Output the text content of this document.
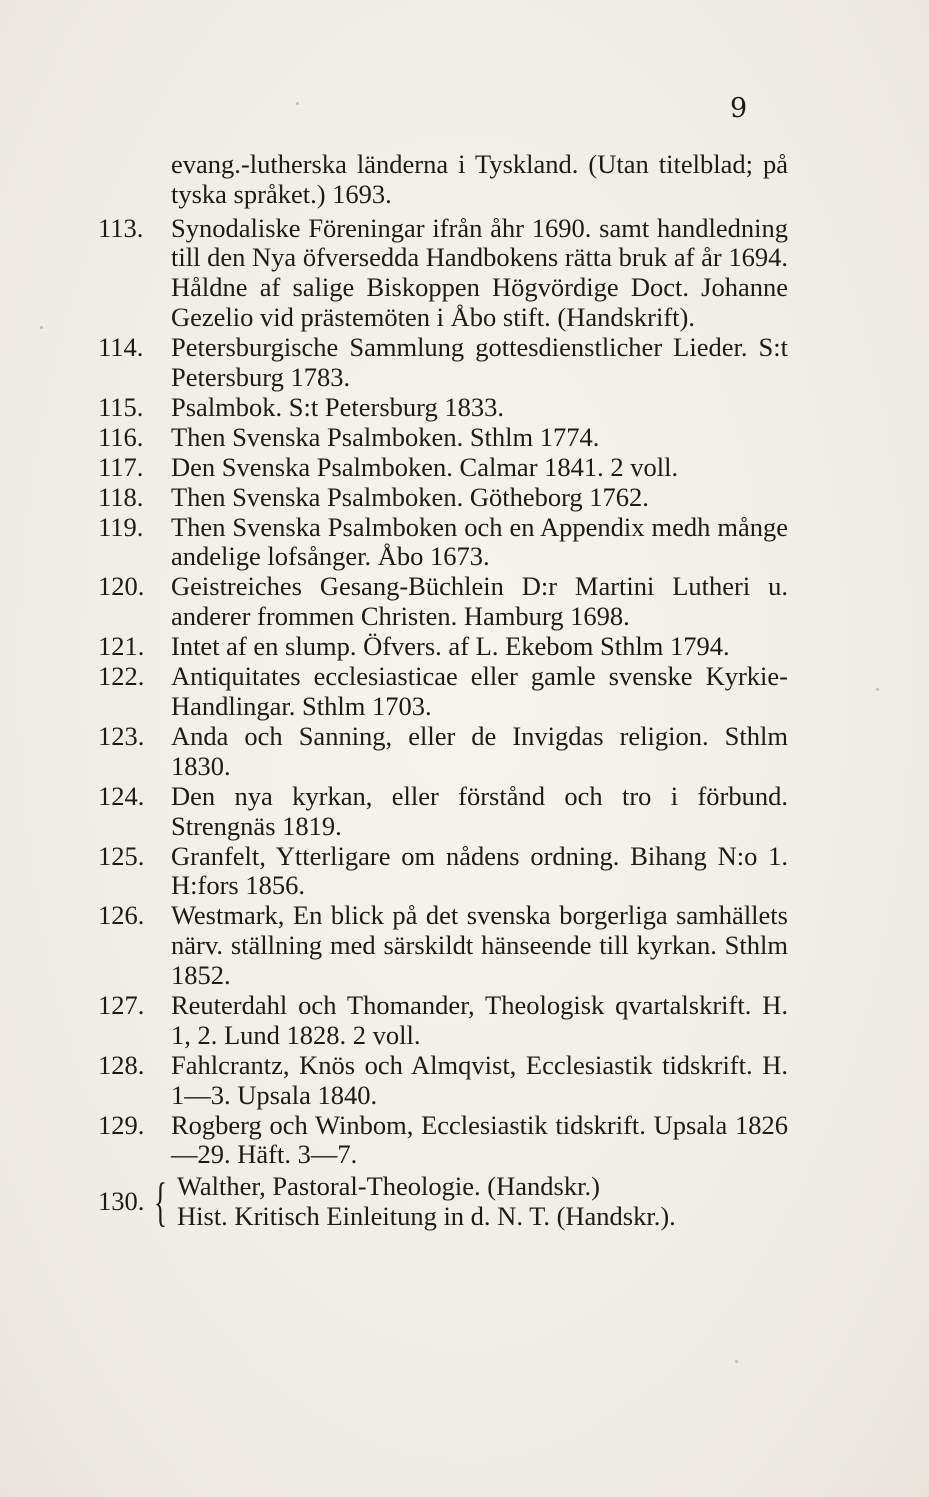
9
evang.-lutherska länderna i Tyskland. (Utan titelblad; på tyska språket.) 1693.
113.	Synodaliske Föreningar ifrån åhr 1690. samt handledning till den Nya öfversedda Handbokens rätta bruk af år 1694. Håldne af salige Biskoppen Högvördige Doct. Johanne Gezelio vid prästemöten i Åbo stift. (Handskrift).
114.	Petersburgische Sammlung gottesdienstlicher Lieder. S:t Petersburg 1783.
115.	Psalmbok. S:t Petersburg 1833.
116.	Then Svenska Psalmboken. Sthlm 1774.
117.	Den Svenska Psalmboken. Calmar 1841. 2 voll.
118.	Then Svenska Psalmboken. Götheborg 1762.
119.	Then Svenska Psalmboken och en Appendix medh månge andelige lofsånger. Åbo 1673.
120.	Geistreiches Gesang-Büchlein D:r Martini Lutheri u. anderer frommen Christen. Hamburg 1698.
121.	Intet af en slump. Öfvers. af L. Ekebom Sthlm 1794.
122.	Antiquitates ecclesiasticae eller gamle svenske Kyrkie-Handlingar. Sthlm 1703.
123.	Anda och Sanning, eller de Invigdas religion. Sthlm 1830.
124.	Den nya kyrkan, eller förstånd och tro i förbund. Strengnäs 1819.
125.	Granfelt, Ytterligare om nådens ordning. Bihang N:o 1. H:fors 1856.
126.	Westmark, En blick på det svenska borgerliga samhällets närv. ställning med särskildt hänseende till kyrkan. Sthlm 1852.
127.	Reuterdahl och Thomander, Theologisk qvartalskrift. H. 1, 2. Lund 1828. 2 voll.
128.	Fahlcrantz, Knös och Almqvist, Ecclesiastik tidskrift. H. 1—3. Upsala 1840.
129.	Rogberg och Winbom, Ecclesiastik tidskrift. Upsala 1826—29. Häft. 3—7.
130. { Walther, Pastoral-Theologie. (Handskr.)
Hist. Kritisch Einleitung in d. N. T. (Handskr.).
